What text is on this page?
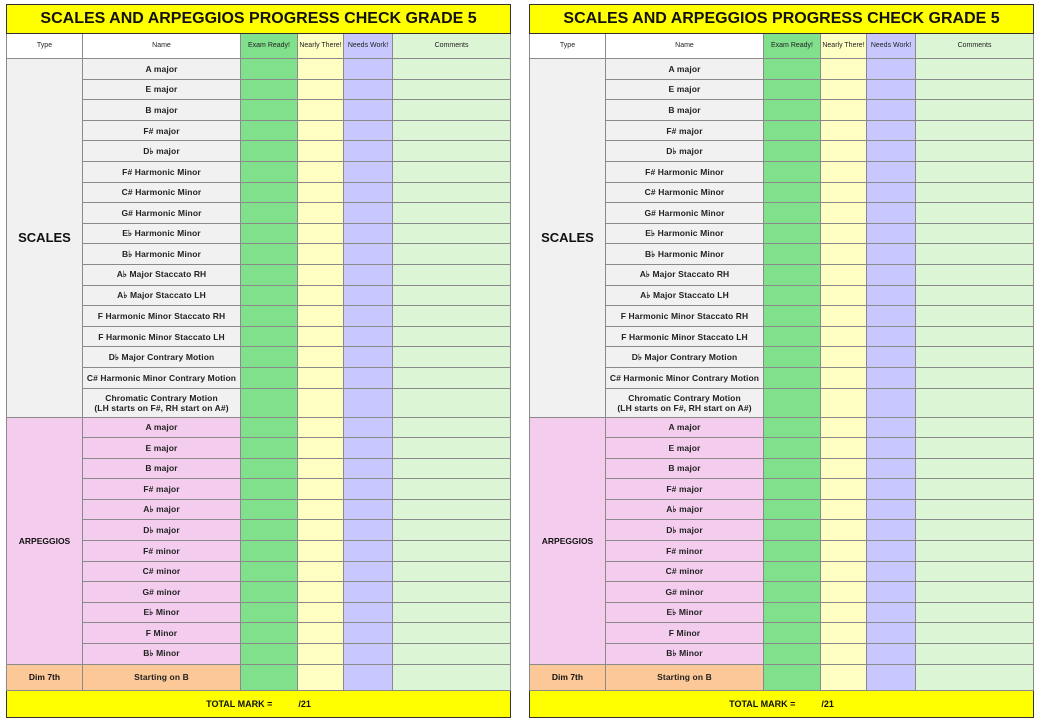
SCALES AND ARPEGGIOS PROGRESS CHECK GRADE 5					
Type	Name	Exam Ready!	Nearly There!	Needs Work!	Comments
SCALES	A major				
	E major				
	B major				
	F# major				
	D♭ major				
	F# Harmonic Minor				
	C# Harmonic Minor				
	G# Harmonic Minor				
	E♭ Harmonic Minor				
	B♭ Harmonic Minor				
	A♭ Major Staccato RH				
	A♭ Major Staccato LH				
	F Harmonic Minor Staccato RH				
	F Harmonic Minor Staccato LH				
	D♭ Major Contrary Motion				
	C# Harmonic Minor Contrary Motion				

	Chromatic Contrary Motion
(LH starts on F#, RH start on A#)				

ARPEGGIOS	A major				
	E major				
	B major				
	F# major				
	A♭ major				
	D♭ major				
	F# minor				
	C# minor				
	G# minor				
	E♭ Minor				
	F Minor				
	B♭ Minor				
Dim 7th	Starting on B				
TOTAL MARK = /21					
SCALES AND ARPEGGIOS PROGRESS CHECK GRADE 5					
Type	Name	Exam Ready!	Nearly There!	Needs Work!	Comments
SCALES	A major				
	E major				
	B major				
	F# major				
	D♭ major				
	F# Harmonic Minor				
	C# Harmonic Minor				
	G# Harmonic Minor				
	E♭ Harmonic Minor				
	B♭ Harmonic Minor				
	A♭ Major Staccato RH				
	A♭ Major Staccato LH				
	F Harmonic Minor Staccato RH				
	F Harmonic Minor Staccato LH				
	D♭ Major Contrary Motion				
	C# Harmonic Minor Contrary Motion				

	Chromatic Contrary Motion
(LH starts on F#, RH start on A#)				

ARPEGGIOS	A major				
	E major				
	B major				
	F# major				
	A♭ major				
	D♭ major				
	F# minor				
	C# minor				
	G# minor				
	E♭ Minor				
	F Minor				
	B♭ Minor				
Dim 7th	Starting on B				
TOTAL MARK = /21					
